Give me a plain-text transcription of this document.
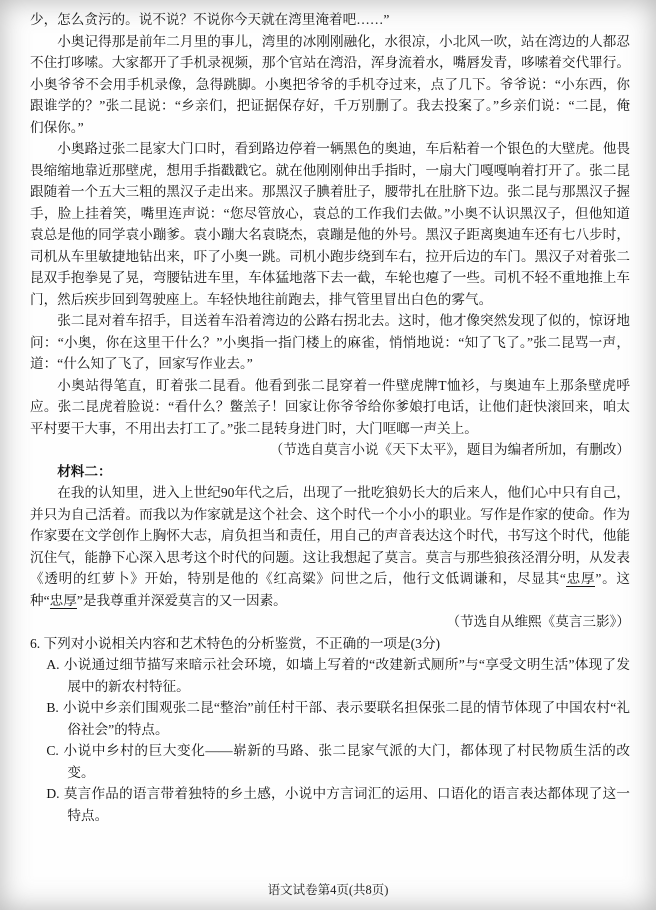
少，怎么贪污的。说不说？不说你今天就在湾里淹着吧……”

小奥记得那是前年二月里的事儿，湾里的冰刚刚融化，水很凉，小北风一吹，站在湾边的人都忍不住打哆嗦。大家都开了手机录视频，那个官站在湾沿，浑身流着水，嘴唇发青，哆嗦着交代罪行。小奥爷爷不会用手机录像，急得跳脚。小奥把爷爷的手机夺过来，点了几下。爷爷说：“小东西，你跟谁学的？”张二昆说：“乡亲们，把证据保存好，千万别删了。我去投案了。”乡亲们说：“二昆，俺们保你。”

小奥路过张二昆家大门口时，看到路边停着一辆黑色的奥迪，车后粘着一个银色的大壁虎。他畏畏缩缩地靠近那壁虎，想用手指戳戳它。就在他刚刚伸出手指时，一扇大门嘎嘎响着打开了。张二昆跟随着一个五大三粗的黑汉子走出来。那黑汉子腆着肚子，腰带扎在肚脐下边。张二昆与那黑汉子握手，脸上挂着笑，嘴里连声说：“您尽管放心，袁总的工作我们去做。”小奥不认识黑汉子，但他知道袁总是他的同学袁小蹦爹。袁小蹦大名袁晓杰，袁蹦是他的外号。黑汉子距离奥迪车还有七八步时，司机从车里敏捷地钻出来，吓了小奥一跳。司机小跑步绕到车右，拉开后边的车门。黑汉子对着张二昆双手抱拳晃了晃，弯腰钻进车里，车体猛地落下去一截，车轮也瘪了一些。司机不轻不重地推上车门，然后疾步回到驾驶座上。车轻快地往前跑去，排气管里冒出白色的雾气。

张二昆对着车招手，目送着车沿着湾边的公路右拐北去。这时，他才像突然发现了似的，惊讶地问：“小奥，你在这里干什么？”小奥指一指门楼上的麻雀，悄悄地说：“知了飞了。”张二昆骂一声，道：“什么知了飞了，回家写作业去。”

小奥站得笔直，盯着张二昆看。他看到张二昆穿着一件壁虎牌T恤衫，与奥迪车上那条壁虎呼应。张二昆虎着脸说：“看什么？鳖羔子！回家让你爷爷给你爹娘打电话，让他们赶快滚回来，咱太平村要干大事，不用出去打工了。”张二昆转身进门时，大门哐啷一声关上。

（节选自莫言小说《天下太平》，题目为编者所加，有删改）

材料二：

在我的认知里，进入上世纪90年代之后，出现了一批吃狼奶长大的后来人，他们心中只有自己，并只为自己活着。而我以为作家就是这个社会、这个时代一个小小的职业。写作是作家的使命。作为作家要在文学创作上胸怀大志，肩负担当和责任，用自己的声音表达这个时代，书写这个时代，他能沉住气，能静下心深入思考这个时代的问题。这让我想起了莫言。莫言与那些狼孩泾渭分明，从发表《透明的红萝卜》开始，特别是他的《红高粱》问世之后，他行文低调谦和，尽显其“忠厚”。这种“忠厚”是我尊重并深爱莫言的又一因素。

（节选自从维熙《莫言三影》）

6. 下列对小说相关内容和艺术特色的分析鉴赏，不正确的一项是(3分)

A. 小说通过细节描写来暗示社会环境，如墙上写着的“改建新式厕所”与“享受文明生活”体现了发展中的新农村特征。

B. 小说中乡亲们围观张二昆“整治”前任村干部、表示要联名担保张二昆的情节体现了中国农村“礼俗社会”的特点。

C. 小说中乡村的巨大变化——崭新的马路、张二昆家气派的大门，都体现了村民物质生活的改变。

D. 莫言作品的语言带着独特的乡土感，小说中方言词汇的运用、口语化的语言表达都体现了这一特点。

语文试卷第4页(共8页)
